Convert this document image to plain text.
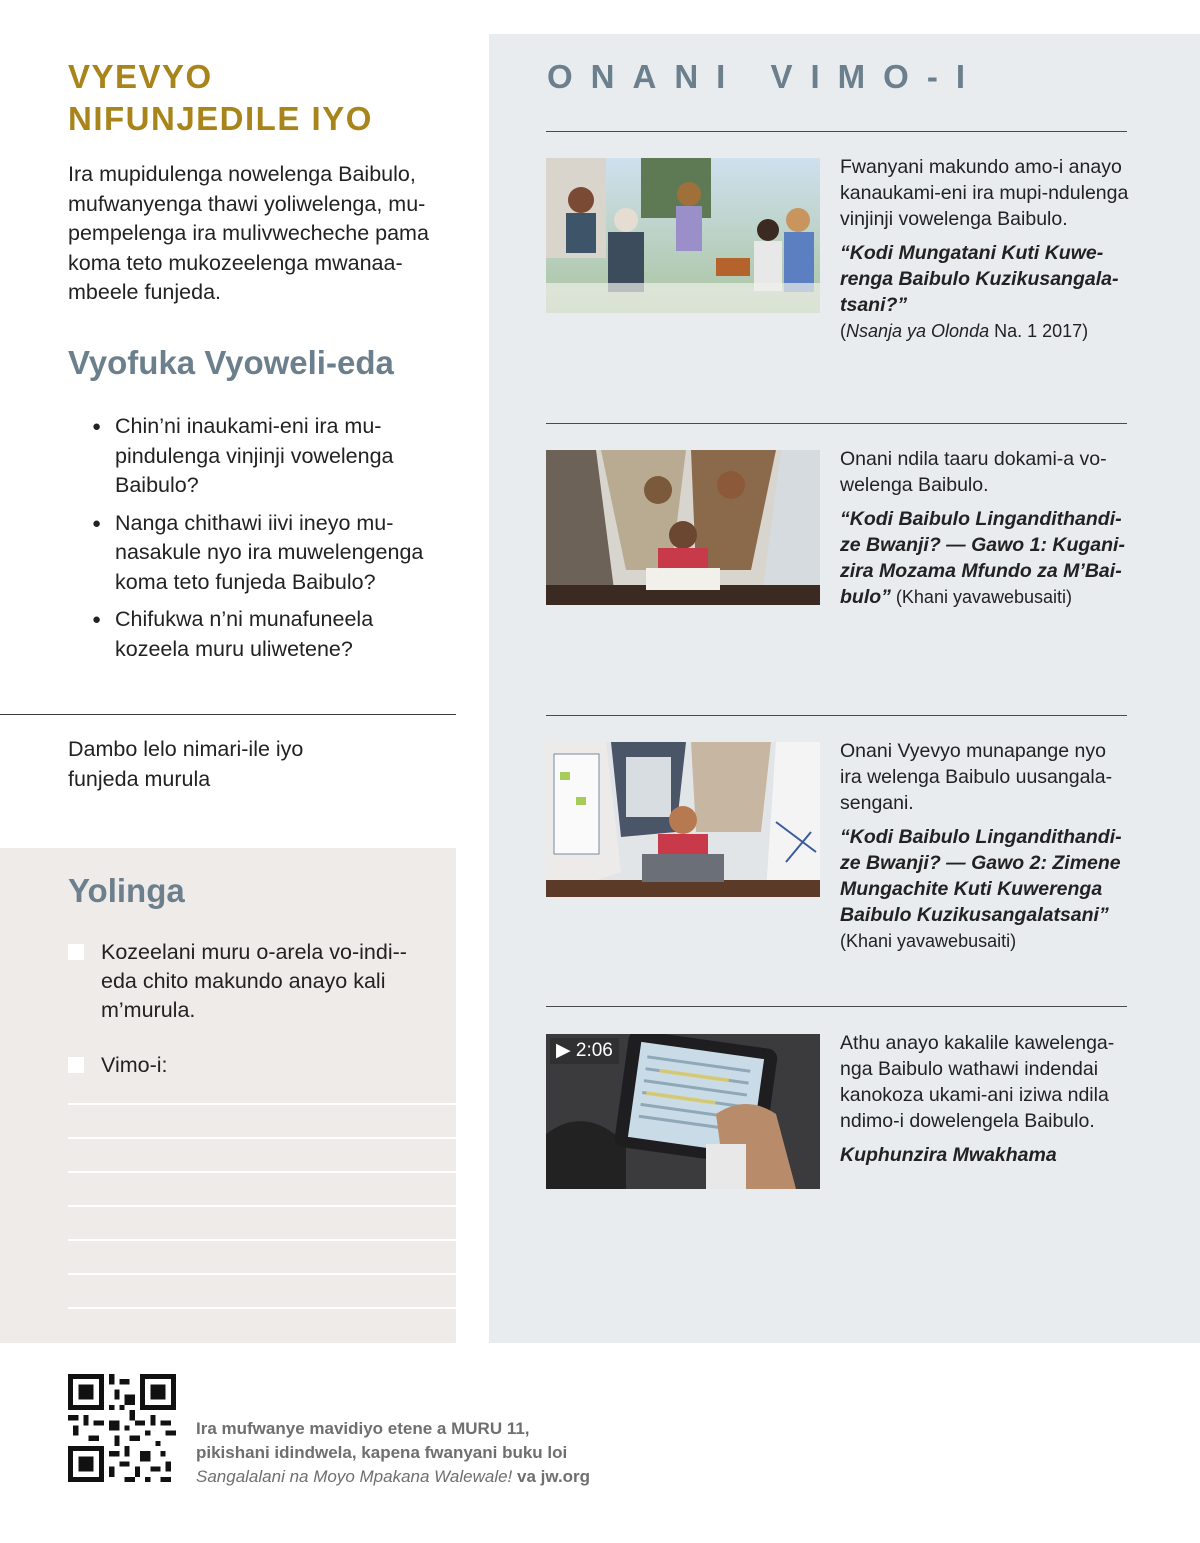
VYEVYO NIFUNJEDILE IYO

Ira mupidulenga nowelenga Baibulo, mufwanyenga thawi yoliwelenga, mu-pempelenga ira mulivwecheche pama koma teto mukozeelenga mwanaa-mbeele funjeda.

Vyofuka Vyoweli-eda
● Chin’ni inaukami-eni ira mu-pindulenga vinjinji vowelenga Baibulo?
● Nanga chithawi iivi ineyo mu-nasakule nyo ira muwelengenga koma teto funjeda Baibulo?
● Chifukwa n’ni munafuneela kozeela muru uliwetene?

Dambo lelo nimari-ile iyo funjeda murula

Yolinga
Kozeelani muru o-arela vo-indi--eda chito makundo anayo kali m’murula.
Vimo-i:
ONANI VIMO-I
Fwanyani makundo amo-i anayo kanaukami-eni ira mupi-ndulenga vinjinji vowelenga Baibulo.
“Kodi Mungatani Kuti Kuwe-renga Baibulo Kuzikusangala-tsani?”
(Nsanja ya Olonda Na. 1 2017)
Onani ndila taaru dokami-a vo-welenga Baibulo.
“Kodi Baibulo Lingandithandi-ze Bwanji? — Gawo 1: Kugani-zira Mozama Mfundo za M’Bai-bulo” (Khani yavawebusaiti)
Onani Vyevyo munapange nyo ira welenga Baibulo uusangala-sengani.
“Kodi Baibulo Lingandithandi-ze Bwanji? — Gawo 2: Zimene Mungachite Kuti Kuwerenga Baibulo Kuzikusangalatsani”
(Khani yavawebusaiti)
▶ 2:06	Athu anayo kakalile kawelenga-nga Baibulo wathawi indendai kanokoza ukami-ani iziwa ndila ndimo-i dowelengela Baibulo.
Kuphunzira Mwakhama
Ira mufwanye mavidiyo etene a MURU 11,
pikishani idindwela, kapena fwanyani buku loi
Sangalalani na Moyo Mpakana Walewale! va jw.org
